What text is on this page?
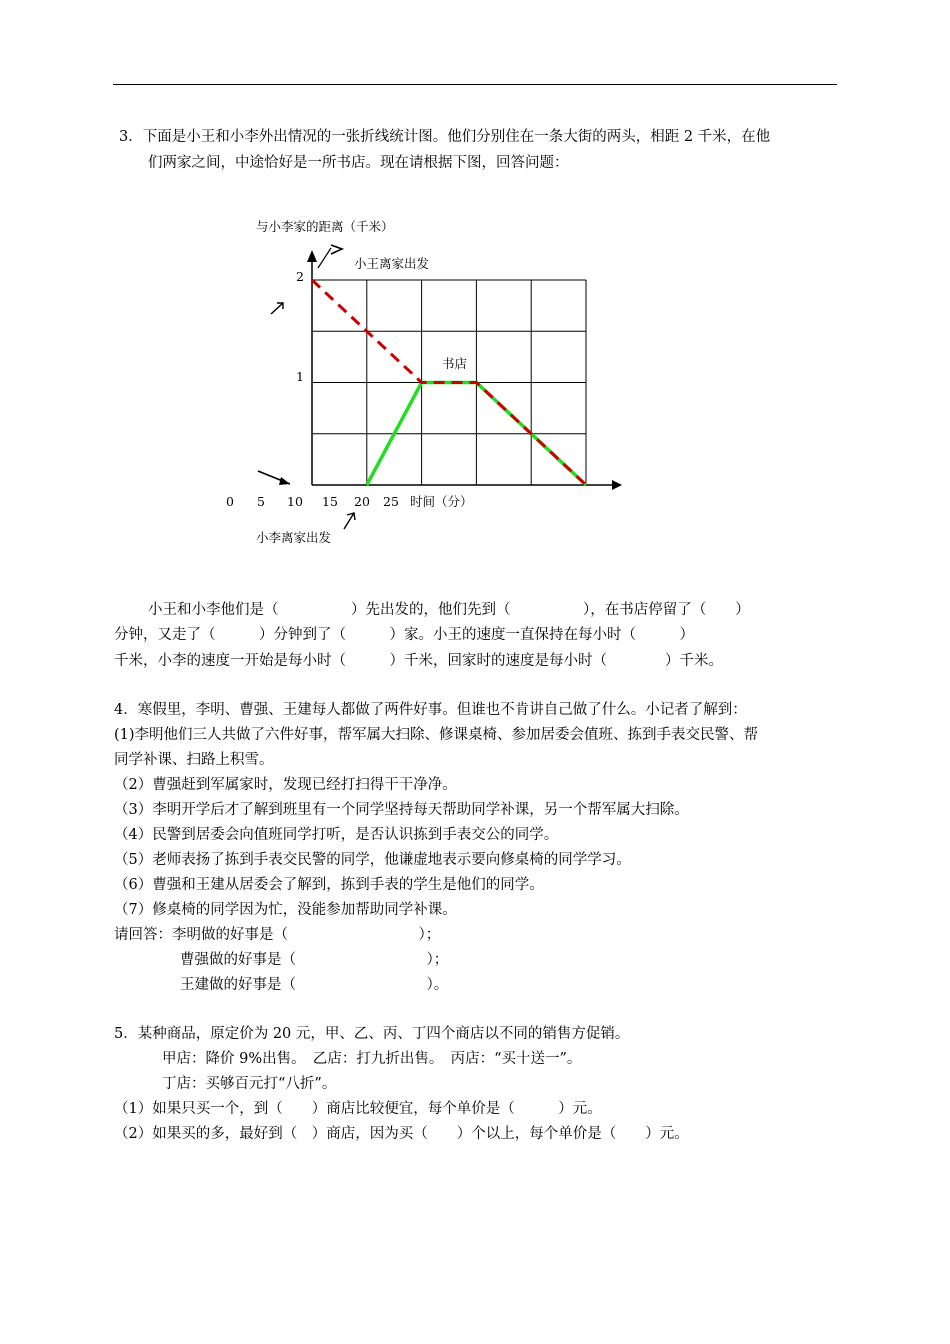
3．下面是小王和小李外出情况的一张折线统计图。他们分别住在一条大街的两头，相距 2 千米，在他
们两家之间，中途恰好是一所书店。现在请根据下图，回答问题：
与小李家的距离（千米）
小王离家出发
书店
2
1
0 5 10 15 20 25 时间（分）
小李离家出发
小王和小李他们是（　　　　　）先出发的，他们先到（　　　　　），在书店停留了（　　）
分钟，又走了（　　　）分钟到了（　　　）家。小王的速度一直保持在每小时（　　　）
千米，小李的速度一开始是每小时（　　　）千米，回家时的速度是每小时（　　　　）千米。
4．寒假里，李明、曹强、王建每人都做了两件好事。但谁也不肯讲自己做了什么。小记者了解到：
(1)李明他们三人共做了六件好事，帮军属大扫除、修课桌椅、参加居委会值班、拣到手表交民警、帮
同学补课、扫路上积雪。
（2）曹强赶到军属家时，发现已经打扫得干干净净。
（3）李明开学后才了解到班里有一个同学坚持每天帮助同学补课，另一个帮军属大扫除。
（4）民警到居委会向值班同学打听，是否认识拣到手表交公的同学。
（5）老师表扬了拣到手表交民警的同学，他谦虚地表示要向修桌椅的同学学习。
（6）曹强和王建从居委会了解到，拣到手表的学生是他们的同学。
（7）修桌椅的同学因为忙，没能参加帮助同学补课。
请回答：李明做的好事是（　　　　　　　　　）；
曹强做的好事是（　　　　　　　　　）；
王建做的好事是（　　　　　　　　　）。
5．某种商品，原定价为 20 元，甲、乙、丙、丁四个商店以不同的销售方促销。
甲店：降价 9%出售。　乙店：打九折出售。　丙店：“买十送一”。
丁店：买够百元打“八折”。
（1）如果只买一个，到（　　）商店比较便宜，每个单价是（　　　）元。
（2）如果买的多，最好到（　）商店，因为买（　　）个以上，每个单价是（　　）元。
